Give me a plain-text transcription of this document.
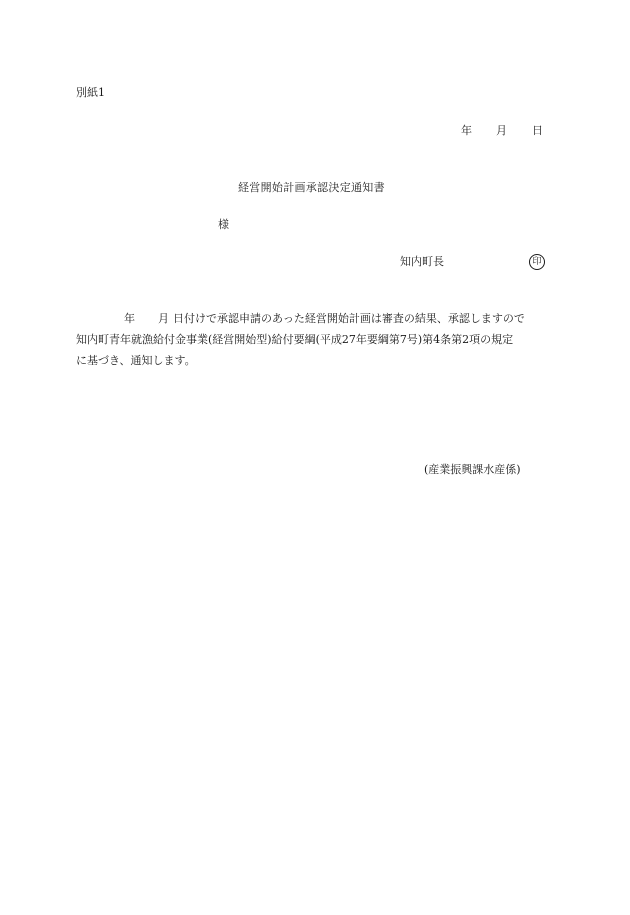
別紙1
年 月 日
経営開始計画承認決定通知書
様
知内町長	印
年 月 日付けで承認申請のあった経営開始計画は審査の結果、承認しますので

知内町青年就漁給付金事業(経営開始型)給付要綱(平成27年要綱第7号)第4条第2項の規定
に基づき、通知します。
(産業振興課水産係)
